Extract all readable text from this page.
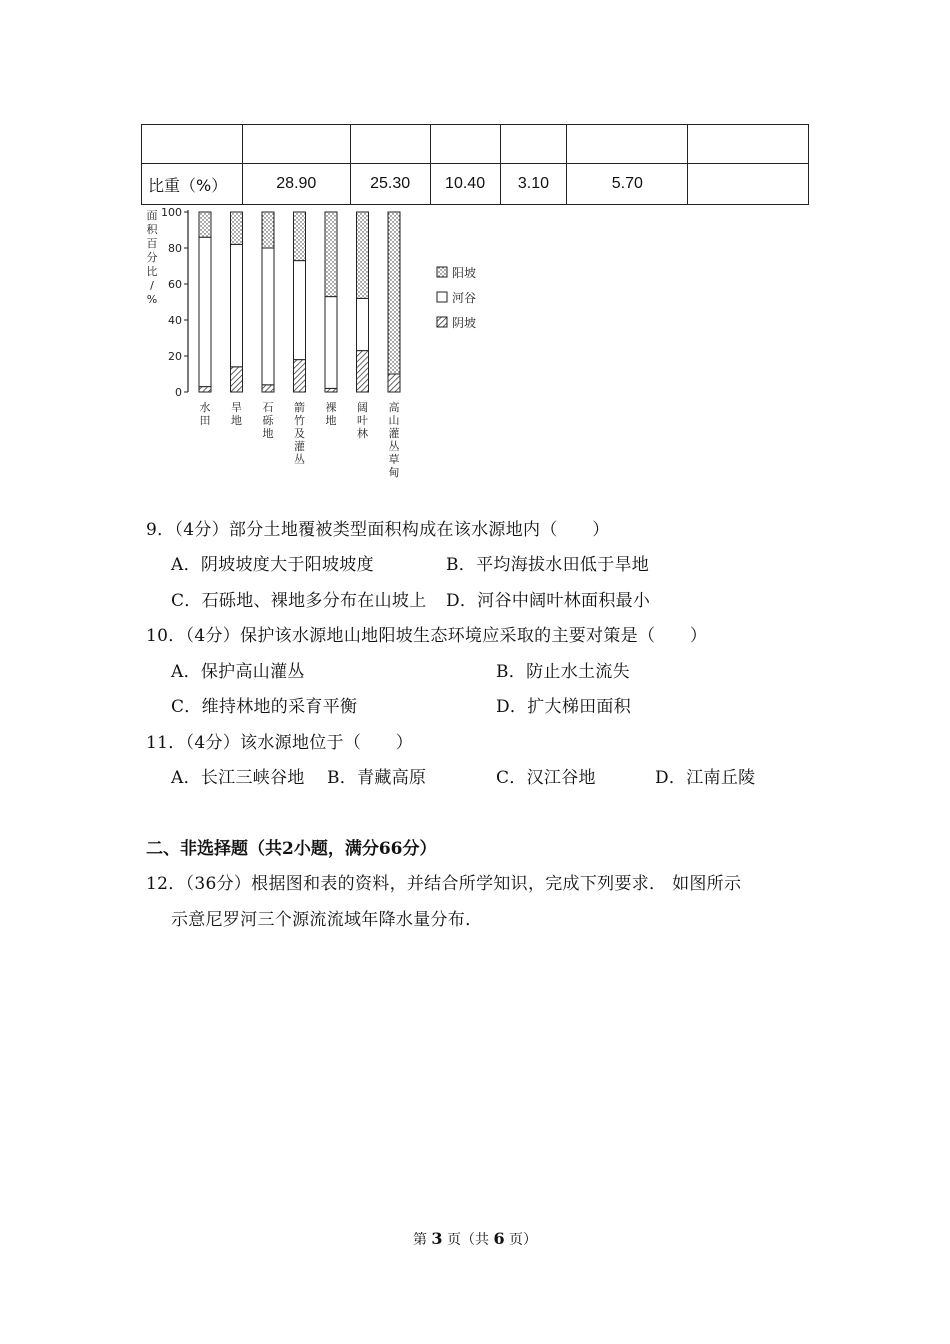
比重（%）	28.90	25.30	10.40	3.10	5.70	
面
积
百
分
比
/
%
0
20
40
60
80
100
水
田
旱
地
石
砾
地
箭
竹
及
灌
丛
裸
地
阔
叶
林
高
山
灌
丛
草
甸
阳坡
河谷
阴坡
9．（4分）部分土地覆被类型面积构成在该水源地内（　　）
A．阴坡坡度大于阳坡坡度	B．平均海拔水田低于旱地
C．石砾地、裸地多分布在山坡上 D．河谷中阔叶林面积最小
10．（4分）保护该水源地山地阳坡生态环境应采取的主要对策是（　　）
A．保护高山灌丛	B．防止水土流失
C．维持林地的采育平衡	D．扩大梯田面积
11．（4分）该水源地位于（　　）
A．长江三峡谷地 B．青藏高原	C．汉江谷地	D．江南丘陵
二、非选择题（共2小题，满分66分）
12．（36分）根据图和表的资料，并结合所学知识，完成下列要求． 如图所示
示意尼罗河三个源流流域年降水量分布．
第 3 页（共 6 页）
